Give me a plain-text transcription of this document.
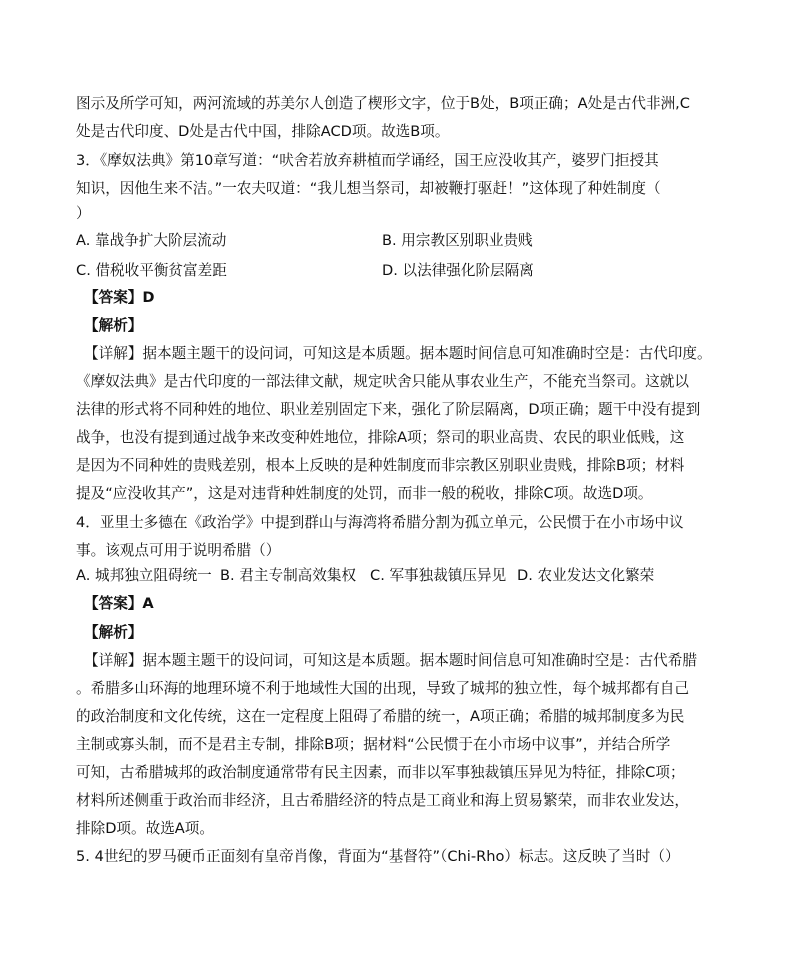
图示及所学可知，两河流域的苏美尔人创造了楔形文字，位于B处，B项正确；A处是古代非洲,C
处是古代印度、D处是古代中国，排除ACD项。故选B项。
3．《摩奴法典》第10章写道：“吠舍若放弃耕植而学诵经，国王应没收其产，婆罗门拒授其
知识，因他生来不洁。”一农夫叹道：“我儿想当祭司，却被鞭打驱赶！”这体现了种姓制度（
）
A. 靠战争扩大阶层流动	B. 用宗教区别职业贵贱
C. 借税收平衡贫富差距	D. 以法律强化阶层隔离
【答案】D
【解析】
【详解】据本题主题干的设问词，可知这是本质题。据本题时间信息可知准确时空是：古代印度。
《摩奴法典》是古代印度的一部法律文献，规定吠舍只能从事农业生产，不能充当祭司。这就以
法律的形式将不同种姓的地位、职业差别固定下来，强化了阶层隔离，D项正确；题干中没有提到
战争，也没有提到通过战争来改变种姓地位，排除A项；祭司的职业高贵、农民的职业低贱，这
是因为不同种姓的贵贱差别，根本上反映的是种姓制度而非宗教区别职业贵贱，排除B项；材料
提及“应没收其产”，这是对违背种姓制度的处罚，而非一般的税收，排除C项。故选D项。
4．亚里士多德在《政治学》中提到群山与海湾将希腊分割为孤立单元，公民惯于在小市场中议
事。该观点可用于说明希腊（）
A. 城邦独立阻碍统一 B. 君主专制高效集权 C. 军事独裁镇压异见 D. 农业发达文化繁荣
【答案】A
【解析】
【详解】据本题主题干的设问词，可知这是本质题。据本题时间信息可知准确时空是：古代希腊
。希腊多山环海的地理环境不利于地域性大国的出现，导致了城邦的独立性，每个城邦都有自己
的政治制度和文化传统，这在一定程度上阻碍了希腊的统一，A项正确；希腊的城邦制度多为民
主制或寡头制，而不是君主专制，排除B项；据材料“公民惯于在小市场中议事”，并结合所学
可知，古希腊城邦的政治制度通常带有民主因素，而非以军事独裁镇压异见为特征，排除C项；
材料所述侧重于政治而非经济，且古希腊经济的特点是工商业和海上贸易繁荣，而非农业发达，
排除D项。故选A项。
5. 4世纪的罗马硬币正面刻有皇帝肖像，背面为“基督符”（Chi-Rho）标志。这反映了当时（）
